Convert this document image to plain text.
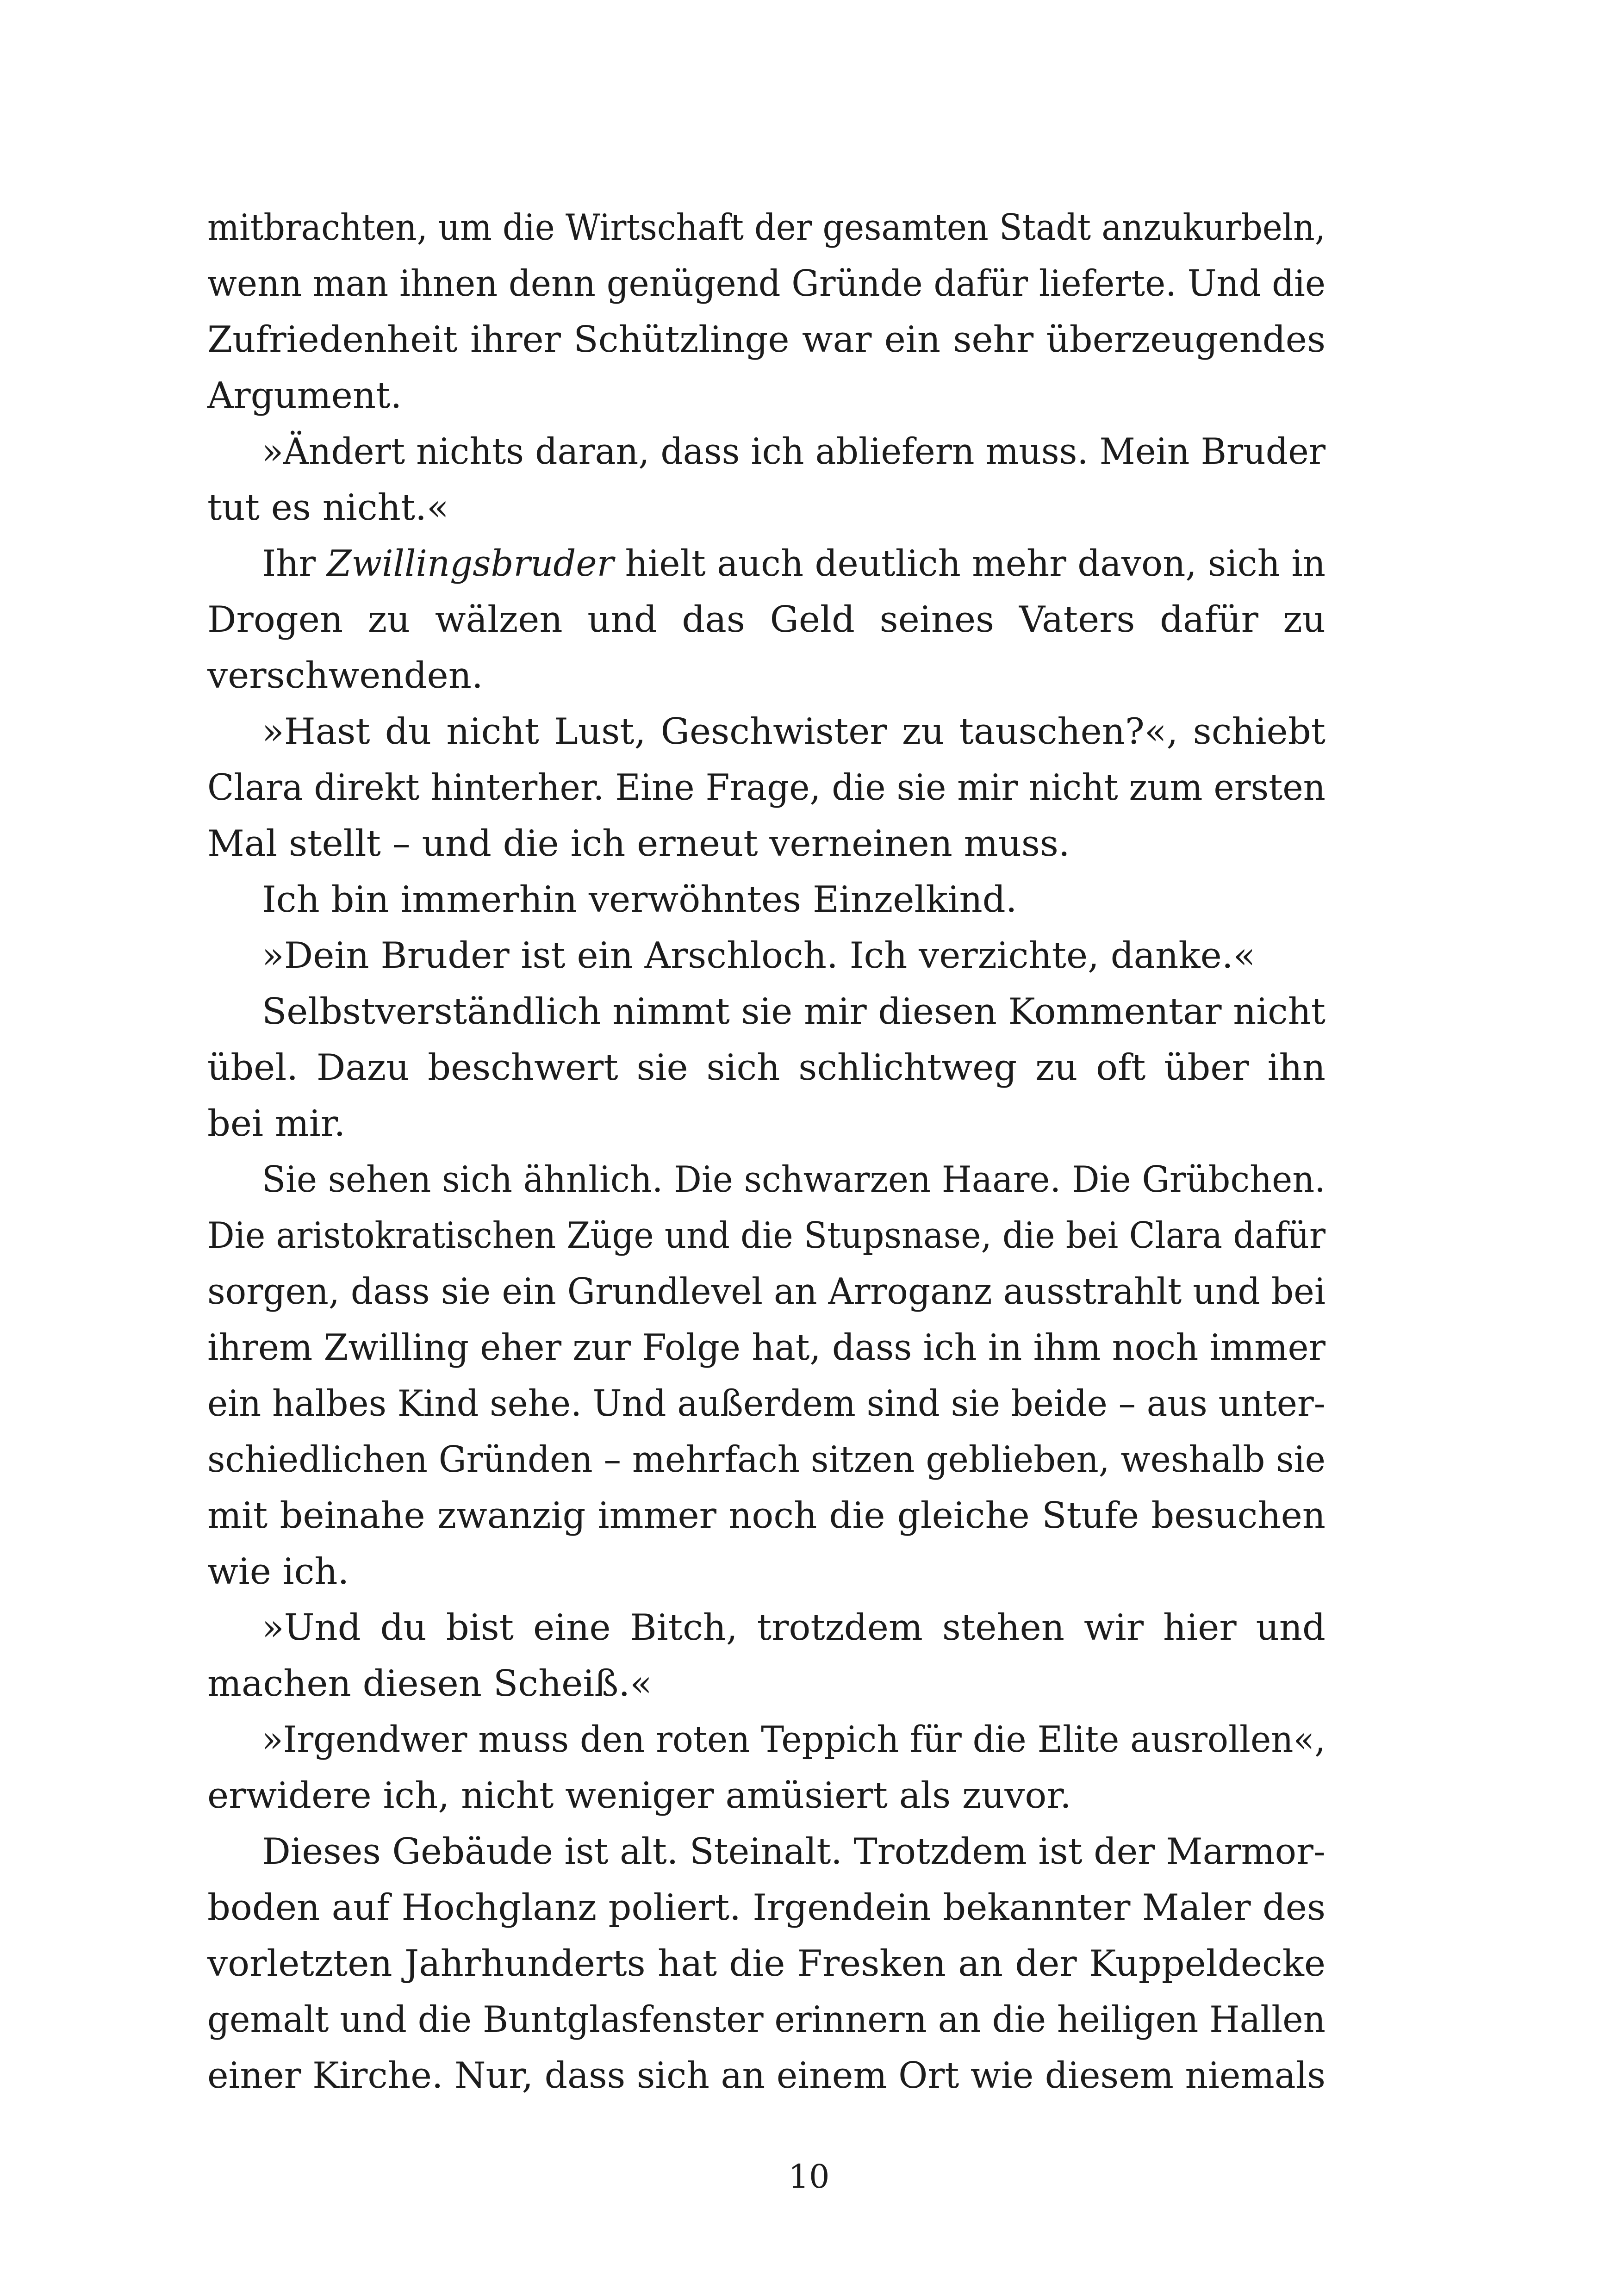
mitbrachten, um die Wirtschaft der gesamten Stadt anzukurbeln,
wenn man ihnen denn genügend Gründe dafür lieferte. Und die
Zufriedenheit ihrer Schützlinge war ein sehr überzeugendes
Argument.
»Ändert nichts daran, dass ich abliefern muss. Mein Bruder
tut es nicht.«
Ihr Zwillingsbruder hielt auch deutlich mehr davon, sich in
Drogen zu wälzen und das Geld seines Vaters dafür zu
verschwenden.
»Hast du nicht Lust, Geschwister zu tauschen?«, schiebt
Clara direkt hinterher. Eine Frage, die sie mir nicht zum ersten
Mal stellt – und die ich erneut verneinen muss.
Ich bin immerhin verwöhntes Einzelkind.
»Dein Bruder ist ein Arschloch. Ich verzichte, danke.«
Selbstverständlich nimmt sie mir diesen Kommentar nicht
übel. Dazu beschwert sie sich schlichtweg zu oft über ihn
bei mir.
Sie sehen sich ähnlich. Die schwarzen Haare. Die Grübchen.
Die aristokratischen Züge und die Stupsnase, die bei Clara dafür
sorgen, dass sie ein Grundlevel an Arroganz ausstrahlt und bei
ihrem Zwilling eher zur Folge hat, dass ich in ihm noch immer
ein halbes Kind sehe. Und außerdem sind sie beide – aus unter-
schiedlichen Gründen – mehrfach sitzen geblieben, weshalb sie
mit beinahe zwanzig immer noch die gleiche Stufe besuchen
wie ich.
»Und du bist eine Bitch, trotzdem stehen wir hier und
machen diesen Scheiß.«
»Irgendwer muss den roten Teppich für die Elite ausrollen«,
erwidere ich, nicht weniger amüsiert als zuvor.
Dieses Gebäude ist alt. Steinalt. Trotzdem ist der Marmor-
boden auf Hochglanz poliert. Irgendein bekannter Maler des
vorletzten Jahrhunderts hat die Fresken an der Kuppeldecke
gemalt und die Buntglasfenster erinnern an die heiligen Hallen
einer Kirche. Nur, dass sich an einem Ort wie diesem niemals
10
